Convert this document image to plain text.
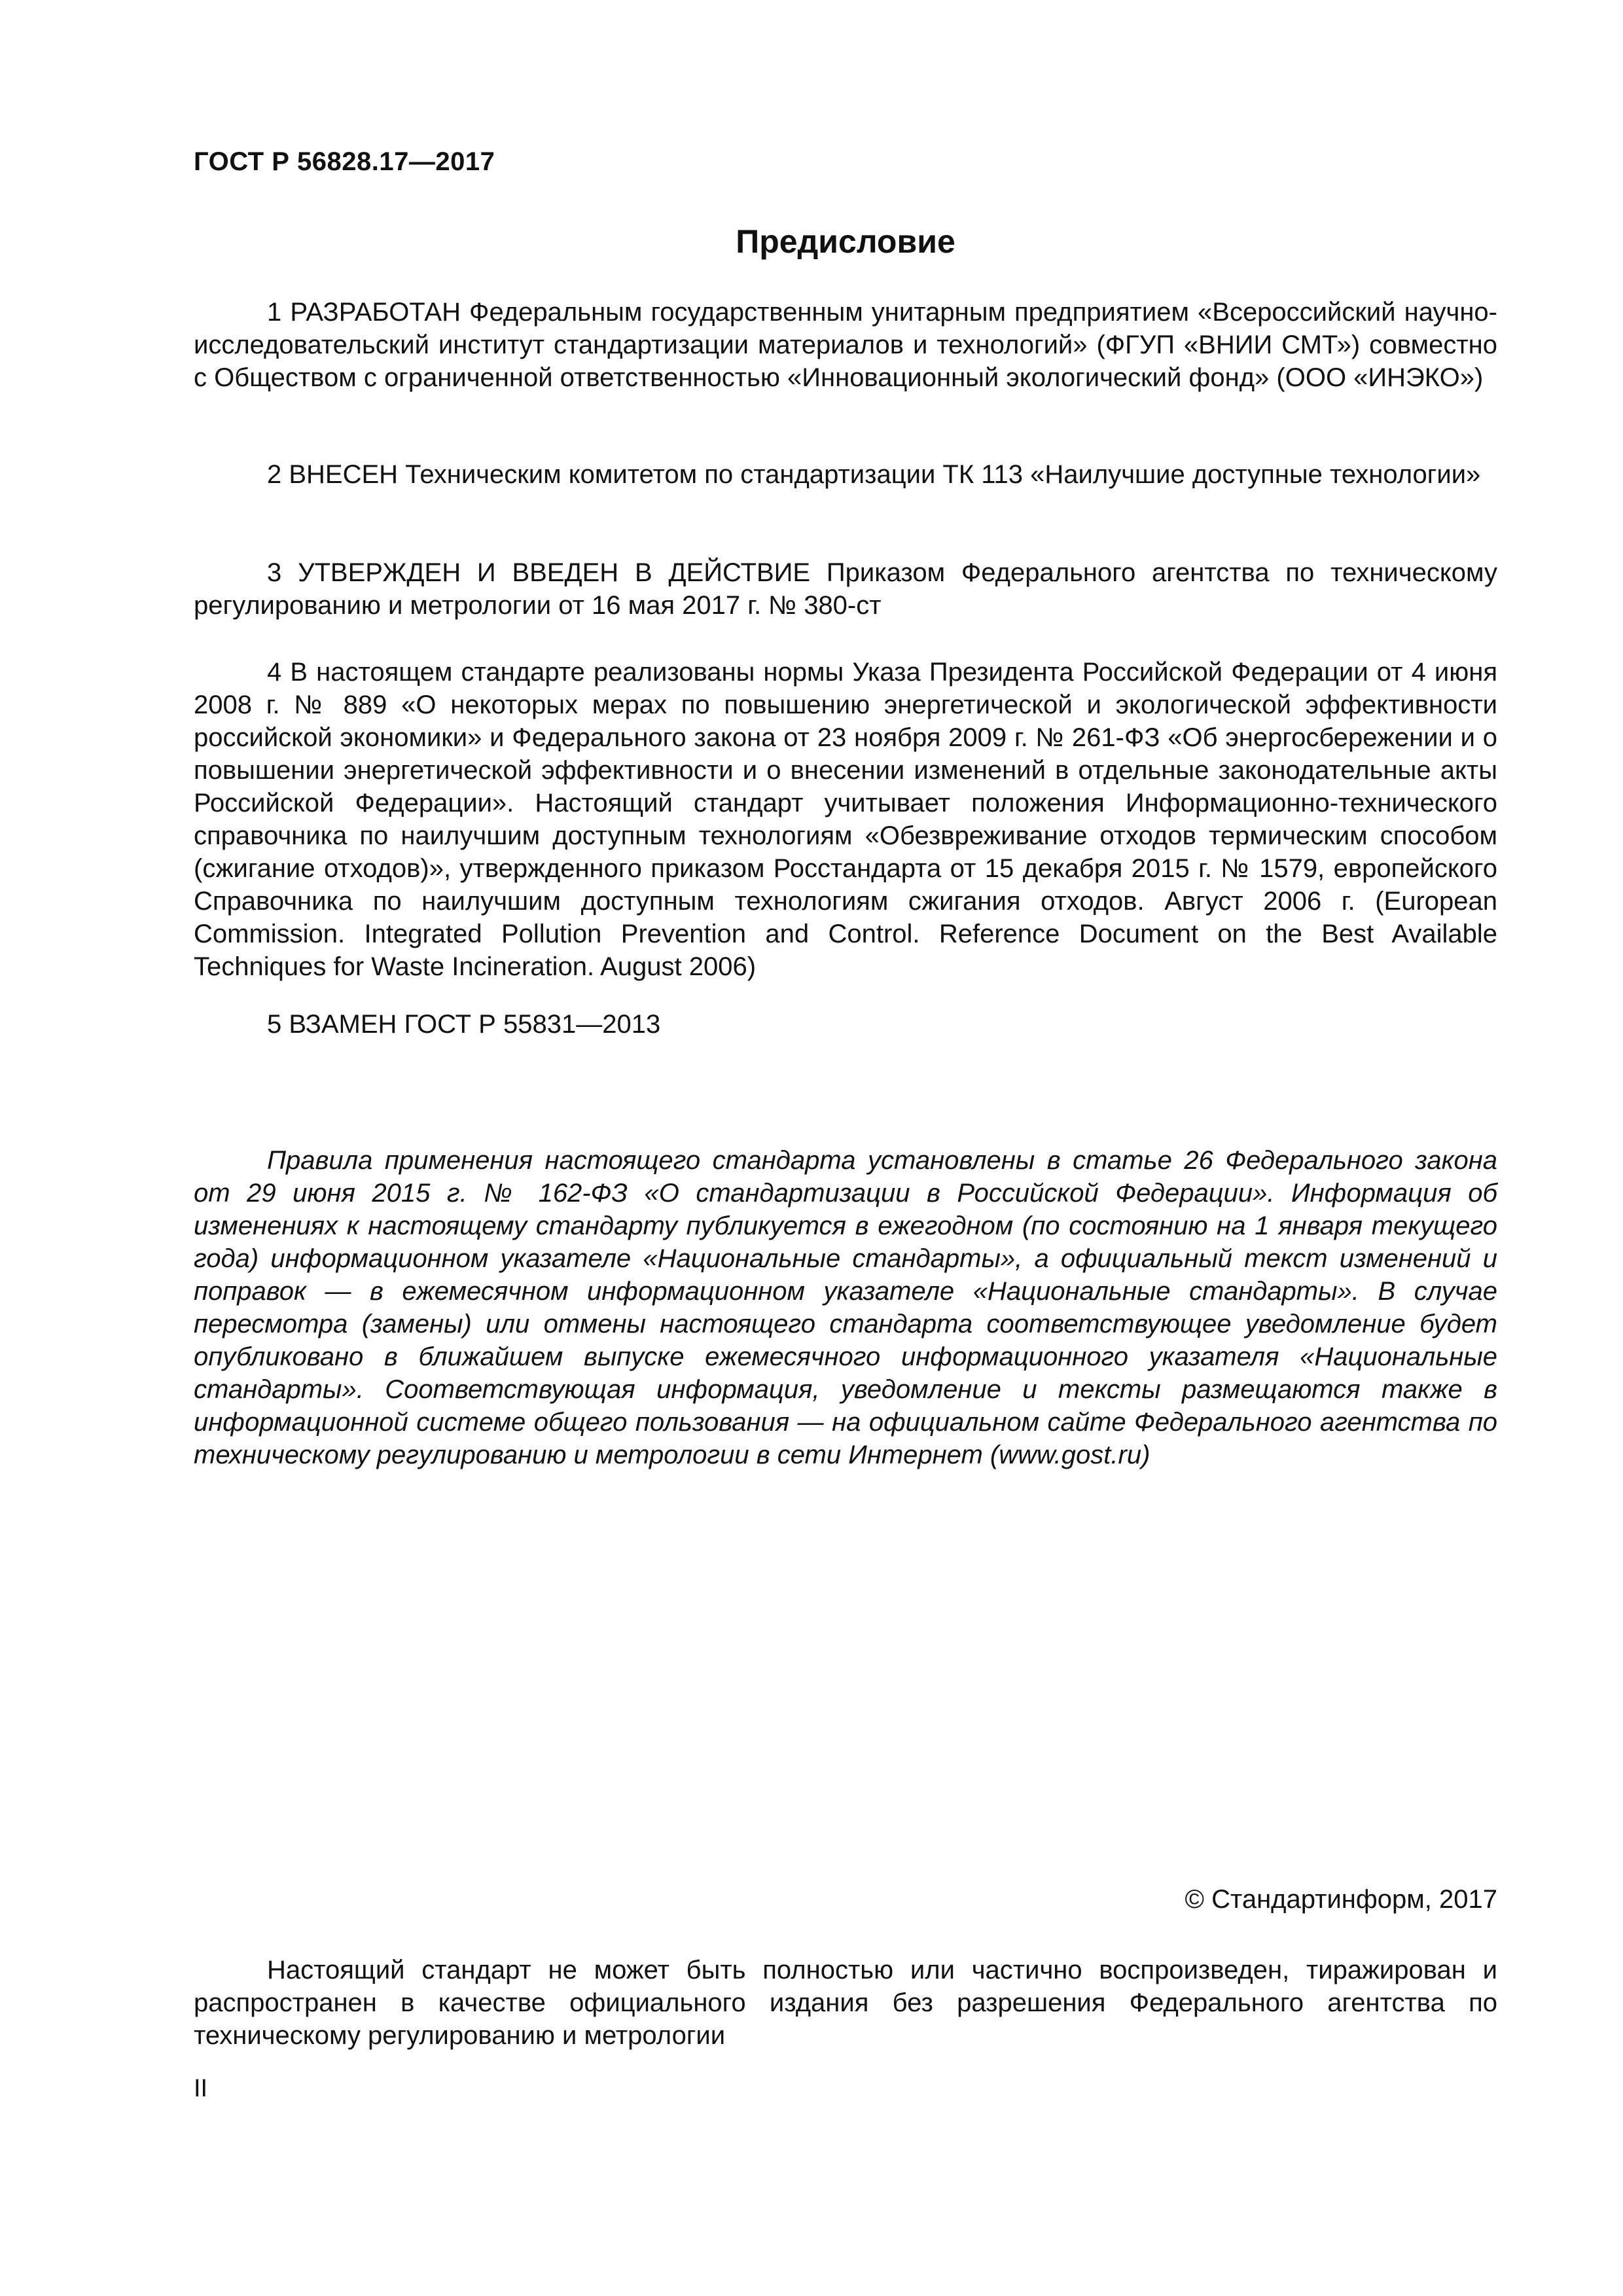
ГОСТ Р 56828.17—2017
Предисловие

1 РАЗРАБОТАН Федеральным государственным унитарным предприятием «Всероссийский научно-исследовательский институт стандартизации материалов и технологий» (ФГУП «ВНИИ СМТ») совместно с Обществом с ограниченной ответственностью «Инновационный экологический фонд» (ООО «ИНЭКО»)

2 ВНЕСЕН Техническим комитетом по стандартизации ТК 113 «Наилучшие доступные технологии»

3 УТВЕРЖДЕН И ВВЕДЕН В ДЕЙСТВИЕ Приказом Федерального агентства по техническому регулированию и метрологии от 16 мая 2017 г. № 380-ст

4 В настоящем стандарте реализованы нормы Указа Президента Российской Федерации от 4 июня 2008 г. № 889 «О некоторых мерах по повышению энергетической и экологической эффективности российской экономики» и Федерального закона от 23 ноября 2009 г. № 261-ФЗ «Об энергосбережении и о повышении энергетической эффективности и о внесении изменений в отдельные законодательные акты Российской Федерации». Настоящий стандарт учитывает положения Информационно-технического справочника по наилучшим доступным технологиям «Обезвреживание отходов термическим способом (сжигание отходов)», утвержденного приказом Росстандарта от 15 декабря 2015 г. № 1579, европейского Справочника по наилучшим доступным технологиям сжигания отходов. Август 2006 г. (European Commission. Integrated Pollution Prevention and Control. Reference Document on the Best Available Techniques for Waste Incineration. August 2006)

5 ВЗАМЕН ГОСТ Р 55831—2013

Правила применения настоящего стандарта установлены в статье 26 Федерального закона от 29 июня 2015 г. № 162-ФЗ «О стандартизации в Российской Федерации». Информация об изменениях к настоящему стандарту публикуется в ежегодном (по состоянию на 1 января текущего года) информационном указателе «Национальные стандарты», а официальный текст изменений и поправок — в ежемесячном информационном указателе «Национальные стандарты». В случае пересмотра (замены) или отмены настоящего стандарта соответствующее уведомление будет опубликовано в ближайшем выпуске ежемесячного информационного указателя «Национальные стандарты». Соответствующая информация, уведомление и тексты размещаются также в информационной системе общего пользования — на официальном сайте Федерального агентства по техническому регулированию и метрологии в сети Интернет (www.gost.ru)

© Стандартинформ, 2017

Настоящий стандарт не может быть полностью или частично воспроизведен, тиражирован и распространен в качестве официального издания без разрешения Федерального агентства по техническому регулированию и метрологии

II
